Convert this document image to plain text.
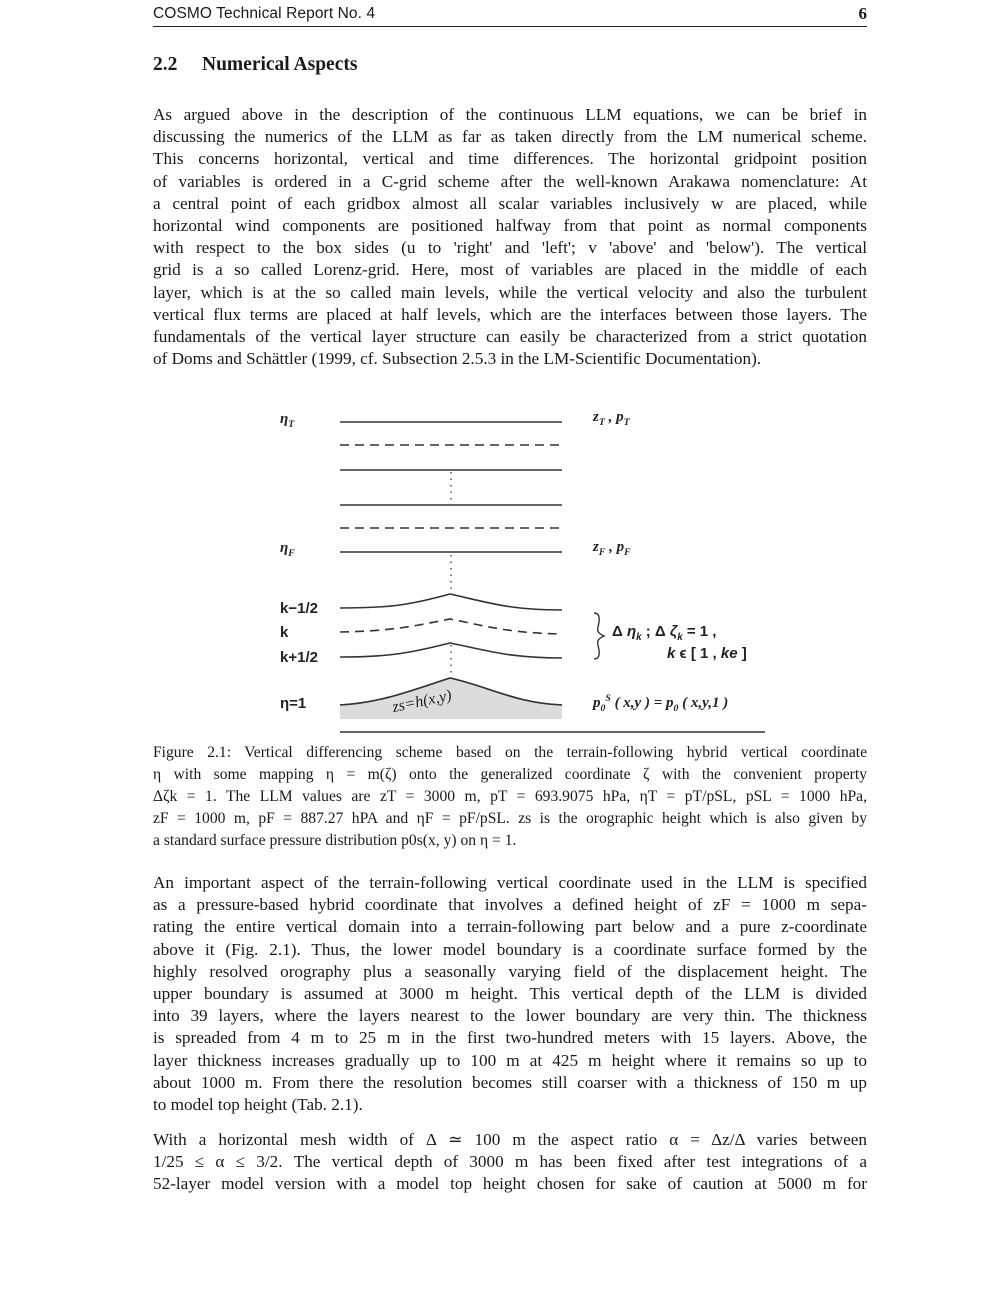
COSMO Technical Report No. 4	6
2.2 Numerical Aspects
As argued above in the description of the continuous LLM equations, we can be brief in
discussing the numerics of the LLM as far as taken directly from the LM numerical scheme.
This concerns horizontal, vertical and time differences. The horizontal gridpoint position
of variables is ordered in a C-grid scheme after the well-known Arakawa nomenclature: At
a central point of each gridbox almost all scalar variables inclusively w are placed, while
horizontal wind components are positioned halfway from that point as normal components
with respect to the box sides (u to 'right' and 'left'; v 'above' and 'below'). The vertical
grid is a so called Lorenz-grid. Here, most of variables are placed in the middle of each
layer, which is at the so called main levels, while the vertical velocity and also the turbulent
vertical flux terms are placed at half levels, which are the interfaces between those layers. The
fundamentals of the vertical layer structure can easily be characterized from a strict quotation
of Doms and Schättler (1999, cf. Subsection 2.5.3 in the LM-Scientific Documentation).
$\eta_T$
$\eta_F$
k−1/2
k
k+1/2
η=1
$z_T$ , $p_T$
$z_F$ , $p_F$
Δ $\eta_k$ ; Δ $\zeta_k = 1$ ,
k ϵ [ 1 , ke ]
$p_0^S$ ( x,y ) = $p_0$ ( x,y,1 )
zs=h(x,y)
Figure 2.1: Vertical differencing scheme based on the terrain-following hybrid vertical coordinate
η with some mapping η = m(ζ) onto the generalized coordinate ζ with the convenient property
Δζk = 1. The LLM values are zT = 3000 m, pT = 693.9075 hPa, ηT = pT/pSL, pSL = 1000 hPa,
zF = 1000 m, pF = 887.27 hPA and ηF = pF/pSL. zs is the orographic height which is also given by
a standard surface pressure distribution p0s(x, y) on η = 1.
An important aspect of the terrain-following vertical coordinate used in the LLM is specified
as a pressure-based hybrid coordinate that involves a defined height of zF = 1000 m sepa-
rating the entire vertical domain into a terrain-following part below and a pure z-coordinate
above it (Fig. 2.1). Thus, the lower model boundary is a coordinate surface formed by the
highly resolved orography plus a seasonally varying field of the displacement height. The
upper boundary is assumed at 3000 m height. This vertical depth of the LLM is divided
into 39 layers, where the layers nearest to the lower boundary are very thin. The thickness
is spreaded from 4 m to 25 m in the first two-hundred meters with 15 layers. Above, the
layer thickness increases gradually up to 100 m at 425 m height where it remains so up to
about 1000 m. From there the resolution becomes still coarser with a thickness of 150 m up
to model top height (Tab. 2.1).
With a horizontal mesh width of Δ ≃ 100 m the aspect ratio α = Δz/Δ varies between
1/25 ≤ α ≤ 3/2. The vertical depth of 3000 m has been fixed after test integrations of a
52-layer model version with a model top height chosen for sake of caution at 5000 m for
